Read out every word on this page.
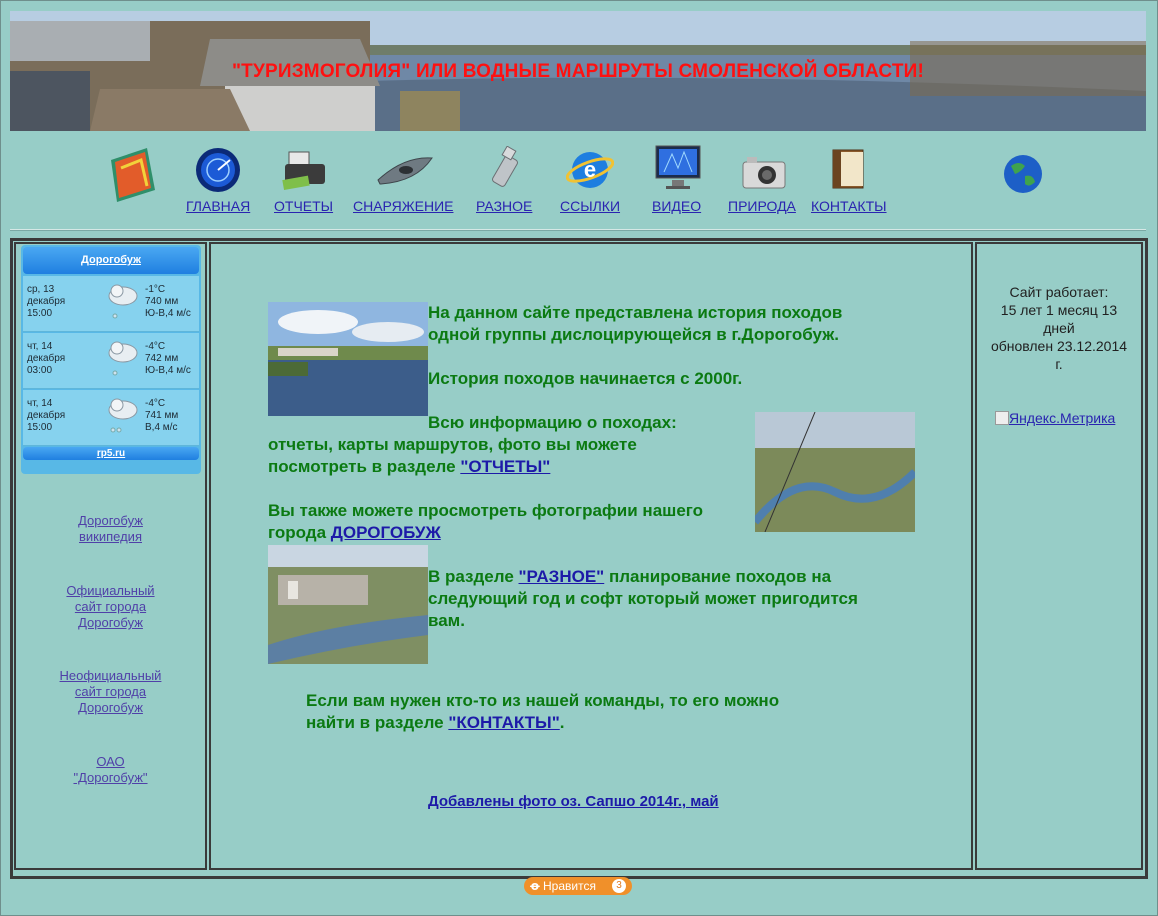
"ТУРИЗМОГОЛИЯ" ИЛИ ВОДНЫЕ МАРШРУТЫ СМОЛЕНСКОЙ ОБЛАСТИ!
e
ГЛАВНАЯ ОТЧЕТЫ СНАРЯЖЕНИЕ РАЗНОЕ ССЫЛКИ ВИДЕО ПРИРОДА КОНТАКТЫ
Дорогобуж
ср, 13
декабря
15:00
-1°C
740 мм
Ю-В,4 м/с
чт, 14
декабря
03:00
-4°C
742 мм
Ю-В,4 м/с
чт, 14
декабря
15:00
-4°C
741 мм
В,4 м/с
rp5.ru
Дорогобуж
википедия
Официальный
сайт города
Дорогобуж
Неофициальный
сайт города
Дорогобуж
ОАО
"Дорогобуж"
На данном сайте представлена история походов
одной группы дислоцирующейся в г.Дорогобуж.
История походов начинается с 2000г.
Всю информацию о походах:
отчеты, карты маршрутов, фото вы можете
посмотреть в разделе "ОТЧЕТЫ"
Вы также можете просмотреть фотографии нашего
города ДОРОГОБУЖ
В разделе "РАЗНОЕ" планирование походов на
следующий год и софт который может пригодится
вам.
Если вам нужен кто-то из нашей команды, то его можно
найти в разделе "КОНТАКТЫ".
Добавлены фото оз. Сапшо 2014г., май
Сайт работает:
15 лет 1 месяц 13
дней
обновлен 23.12.2014
г.
Яндекс.Метрика
ꝋ Нравится	3
